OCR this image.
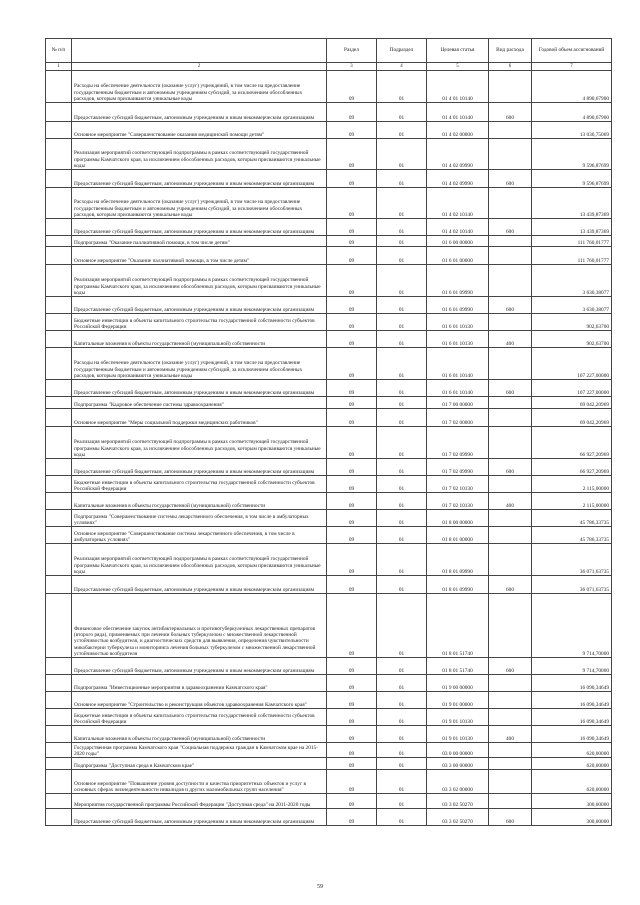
№ п/п		Раздел	Подраздел	Целевая статья	Вид расхода	Годовой объем ассигнований
1	2	3	4	5	6	7
	Расходы на обеспечение деятельности (оказание услуг) учреждений, в том числе на предоставление государственным бюджетным и автономным учреждениям субсидий, за исключением обособленных расходов, которым присваиваются уникальные коды	09	01	01 4 01 10140		4 890,67900
	Предоставление субсидий бюджетным, автономным учреждениям и иным некоммерческим организациям	09	01	01 4 01 10140	600	4 890,67900
	Основное мероприятие "Совершенствование оказания медицинской помощи детям"	09	01	01 4 02 00000		13 036,75069
	Реализация мероприятий соответствующей подпрограммы в рамках соответствующей государственной программы Камчатского края, за исключением обособленных расходов, которым присваиваются уникальные коды	09	01	01 4 02 09990		9 596,87699
	Предоставление субсидий бюджетным, автономным учреждениям и иным некоммерческим организациям	09	01	01 4 02 09990	600	9 596,87699
	Расходы на обеспечение деятельности (оказание услуг) учреждений, в том числе на предоставление государственным бюджетным и автономным учреждениям субсидий, за исключением обособленных расходов, которым присваиваются уникальные коды	09	01	01 4 02 10140		13 439,87369
	Предоставление субсидий бюджетным, автономным учреждениям и иным некоммерческим организациям	09	01	01 4 02 10140	600	13 439,87369
	Подпрограмма "Оказание паллиативной помощи, в том числе детям"	09	01	01 6 00 00000		111 760,01777
	Основное мероприятие "Оказание паллиативной помощи, в том числе детям"	09	01	01 6 01 00000		111 760,01777
	Реализация мероприятий соответствующей подпрограммы в рамках соответствующей государственной программы Камчатского края, за исключением обособленных расходов, которым присваиваются уникальные коды	09	01	01 6 01 09990		3 630,38077
	Предоставление субсидий бюджетным, автономным учреждениям и иным некоммерческим организациям	09	01	01 6 01 09990	600	3 630,38077
	Бюджетные инвестиции в объекты капитального строительства государственной собственности субъектов Российской Федерации	09	01	01 6 01 10130		902,63700
	Капитальные вложения в объекты государственной (муниципальной) собственности	09	01	01 6 01 10130	400	902,63700
	Расходы на обеспечение деятельности (оказание услуг) учреждений, в том числе на предоставление государственным бюджетным и автономным учреждениям субсидий, за исключением обособленных расходов, которым присваиваются уникальные коды	09	01	01 6 01 10140		107 227,00000
	Предоставление субсидий бюджетным, автономным учреждениям и иным некоммерческим организациям	09	01	01 6 01 10140	600	107 227,00000
	Подпрограмма "Кадровое обеспечение системы здравоохранения"	09	01	01 7 00 00000		69 042,20969
	Основное мероприятие "Меры социальной поддержки медицинских работников"	09	01	01 7 02 00000		69 042,20969
	Реализация мероприятий соответствующей подпрограммы в рамках соответствующей государственной программы Камчатского края, за исключением обособленных расходов, которым присваиваются уникальные коды	09	01	01 7 02 09990		66 927,20969
	Предоставление субсидий бюджетным, автономным учреждениям и иным некоммерческим организациям	09	01	01 7 02 09990	600	66 927,20969
	Бюджетные инвестиции в объекты капитального строительства государственной собственности субъектов Российской Федерации	09	01	01 7 02 10130		2 115,00000
	Капитальные вложения в объекты государственной (муниципальной) собственности	09	01	01 7 02 10130	400	2 115,00000
	Подпрограмма "Совершенствование системы лекарственного обеспечения, в том числе в амбулаторных условиях"	09	01	01 8 00 00000		45 786,33735
	Основное мероприятие "Совершенствование системы лекарственного обеспечения, в том числе в амбулаторных условиях"	09	01	01 8 01 00000		45 786,33735
	Реализация мероприятий соответствующей подпрограммы в рамках соответствующей государственной программы Камчатского края, за исключением обособленных расходов, которым присваиваются уникальные коды	09	01	01 8 01 09990		36 071,63735
	Предоставление субсидий бюджетным, автономным учреждениям и иным некоммерческим организациям	09	01	01 8 01 09990	600	36 071,63735
	Финансовое обеспечение закупок антибактериальных и противотуберкулезных лекарственных препаратов (второго ряда), применяемых при лечении больных туберкулезом с множественной лекарственной устойчивостью возбудителя, и диагностических средств для выявления, определения чувствительности микобактерии туберкулеза и мониторинга лечения больных туберкулезом с множественной лекарственной устойчивостью возбудителя	09	01	01 8 01 51740		9 714,70000
	Предоставление субсидий бюджетным, автономным учреждениям и иным некоммерческим организациям	09	01	01 8 01 51740	600	9 714,70000
	Подпрограмма "Инвестиционные мероприятия в здравоохранении Камчатского края"	09	01	01 9 00 00000		16 090,34649
	Основное мероприятие "Строительство и реконструкция объектов здравоохранения Камчатского края"	09	01	01 9 01 00000		16 090,34649
	Бюджетные инвестиции в объекты капитального строительства государственной собственности субъектов Российской Федерации	09	01	01 9 01 10130		16 090,34649
	Капитальные вложения в объекты государственной (муниципальной) собственности	09	01	01 9 01 10130	400	16 090,34649
	Государственная программа Камчатского края "Социальная поддержка граждан в Камчатском крае на 2015-2020 годы"	09	01	03 0 00 00000		620,00000
	Подпрограмма "Доступная среда в Камчатском крае"	09	01	03 3 00 00000		620,00000
	Основное мероприятие "Повышение уровня доступности и качества приоритетных объектов и услуг в основных сферах жизнедеятельности инвалидов и других маломобильных групп населения"	09	01	03 3 02 00000		620,00000
	Мероприятия государственной программы Российской Федерации "Доступная среда" на 2011-2020 годы	09	01	03 3 02 50270		300,00000
	Предоставление субсидий бюджетным, автономным учреждениям и иным некоммерческим организациям	09	01	03 3 02 50270	600	300,00000
59
